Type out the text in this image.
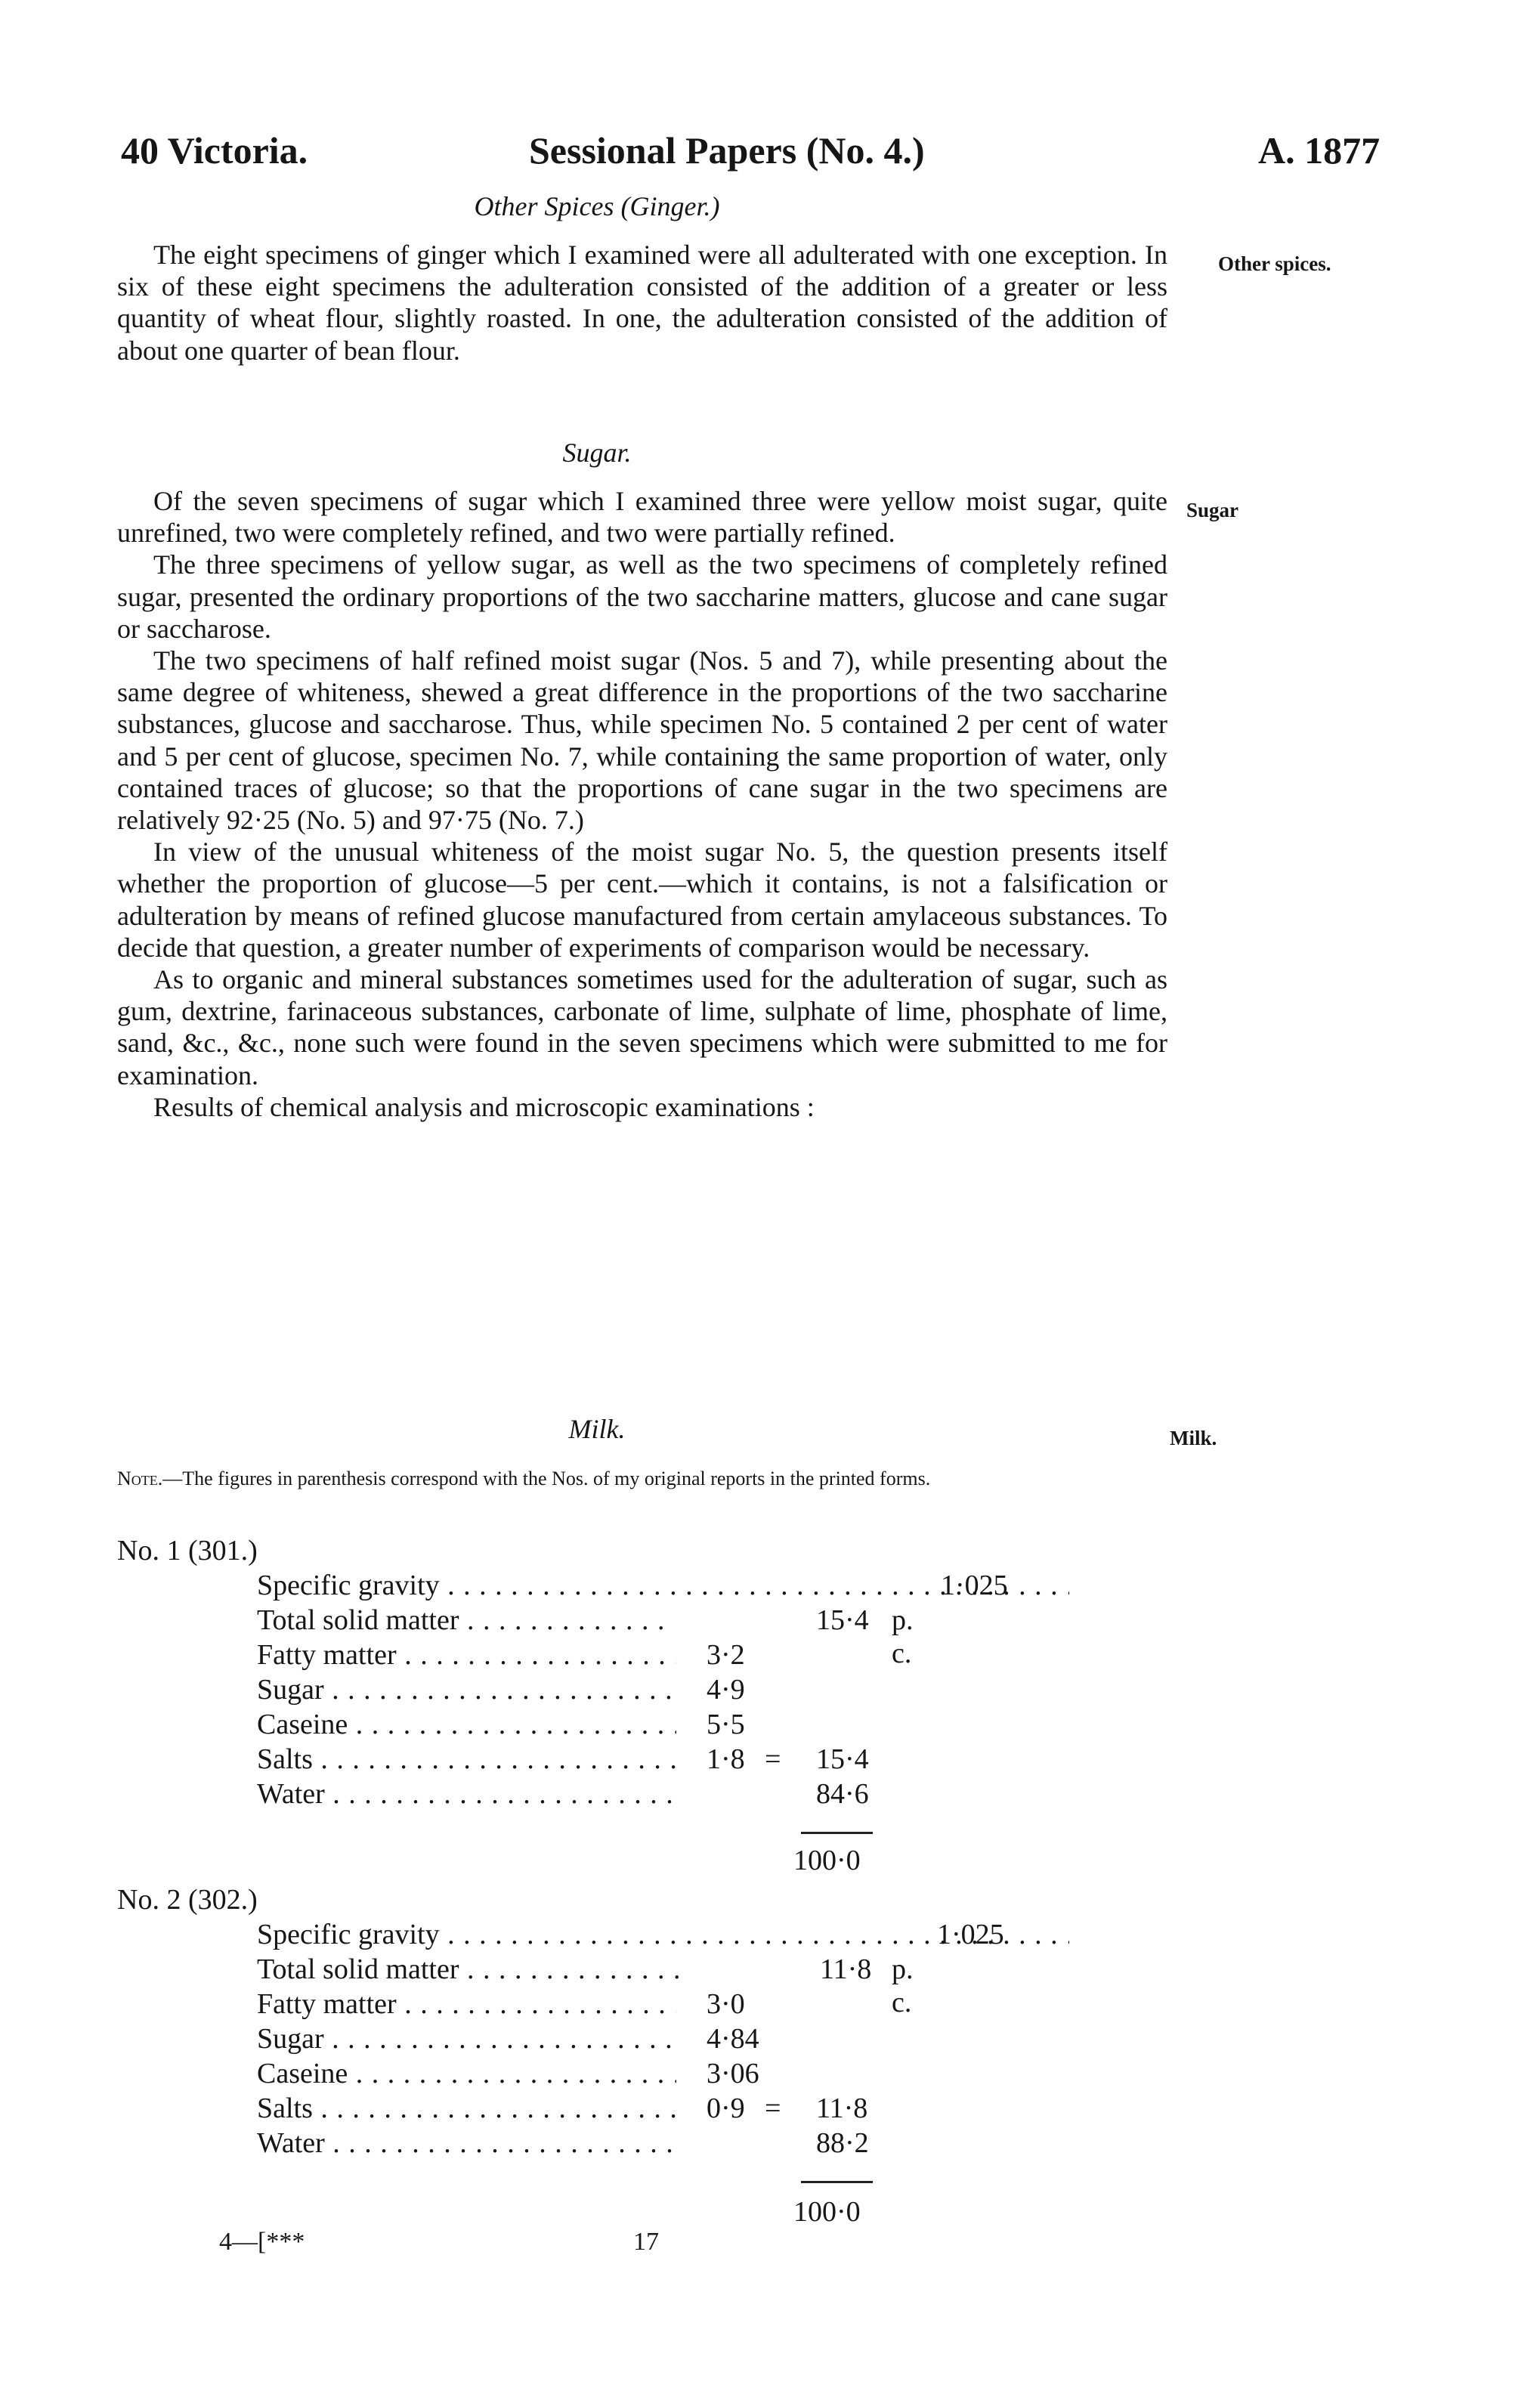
40 Victoria.	Sessional Papers (No. 4.)	A. 1877
Other Spices (Ginger.)
Other spices.

The eight specimens of ginger which I examined were all adulterated with one exception. In six of these eight specimens the adulteration consisted of the addition of a greater or less quantity of wheat flour, slightly roasted. In one, the adulteration consisted of the addition of about one quarter of bean flour.

Sugar.
Sugar

Of the seven specimens of sugar which I examined three were yellow moist sugar, quite unrefined, two were completely refined, and two were partially refined.

The three specimens of yellow sugar, as well as the two specimens of completely refined sugar, presented the ordinary proportions of the two saccharine matters, glucose and cane sugar or saccharose.

The two specimens of half refined moist sugar (Nos. 5 and 7), while presenting about the same degree of whiteness, shewed a great difference in the proportions of the two saccharine substances, glucose and saccharose. Thus, while specimen No. 5 contained 2 per cent of water and 5 per cent of glucose, specimen No. 7, while containing the same proportion of water, only contained traces of glucose; so that the proportions of cane sugar in the two specimens are relatively 92·25 (No. 5) and 97·75 (No. 7.)

In view of the unusual whiteness of the moist sugar No. 5, the question presents itself whether the proportion of glucose—5 per cent.—which it contains, is not a falsification or adulteration by means of refined glucose manufactured from certain amylaceous substances. To decide that question, a greater number of experiments of comparison would be necessary.

As to organic and mineral substances sometimes used for the adulteration of sugar, such as gum, dextrine, farinaceous substances, carbonate of lime, sulphate of lime, phosphate of lime, sand, &c., &c., none such were found in the seven specimens which were submitted to me for examination.

Results of chemical analysis and microscopic examinations :

Milk.	Milk.
Note.—The figures in parenthesis correspond with the Nos. of my original reports in the printed forms.
No. 1 (301.)
Specific gravity . . .	1·025
Total solid matter . . .	15·4 p. c.
Fatty matter . . .	3·2
Sugar . . .	4·9
Caseine . . .	5·5
Salts . . .	1·8 = 15·4
Water . . .	84·6
100·0
No. 2 (302.)
Specific gravity . . .	1·025
Total solid matter . . .	11·8 p. c.
Fatty matter . . .	3·0
Sugar . . .	4·84
Caseine . . .	3·06
Salts . . .	0·9 = 11·8
Water . . .	88·2
100·0
4—[***	17
